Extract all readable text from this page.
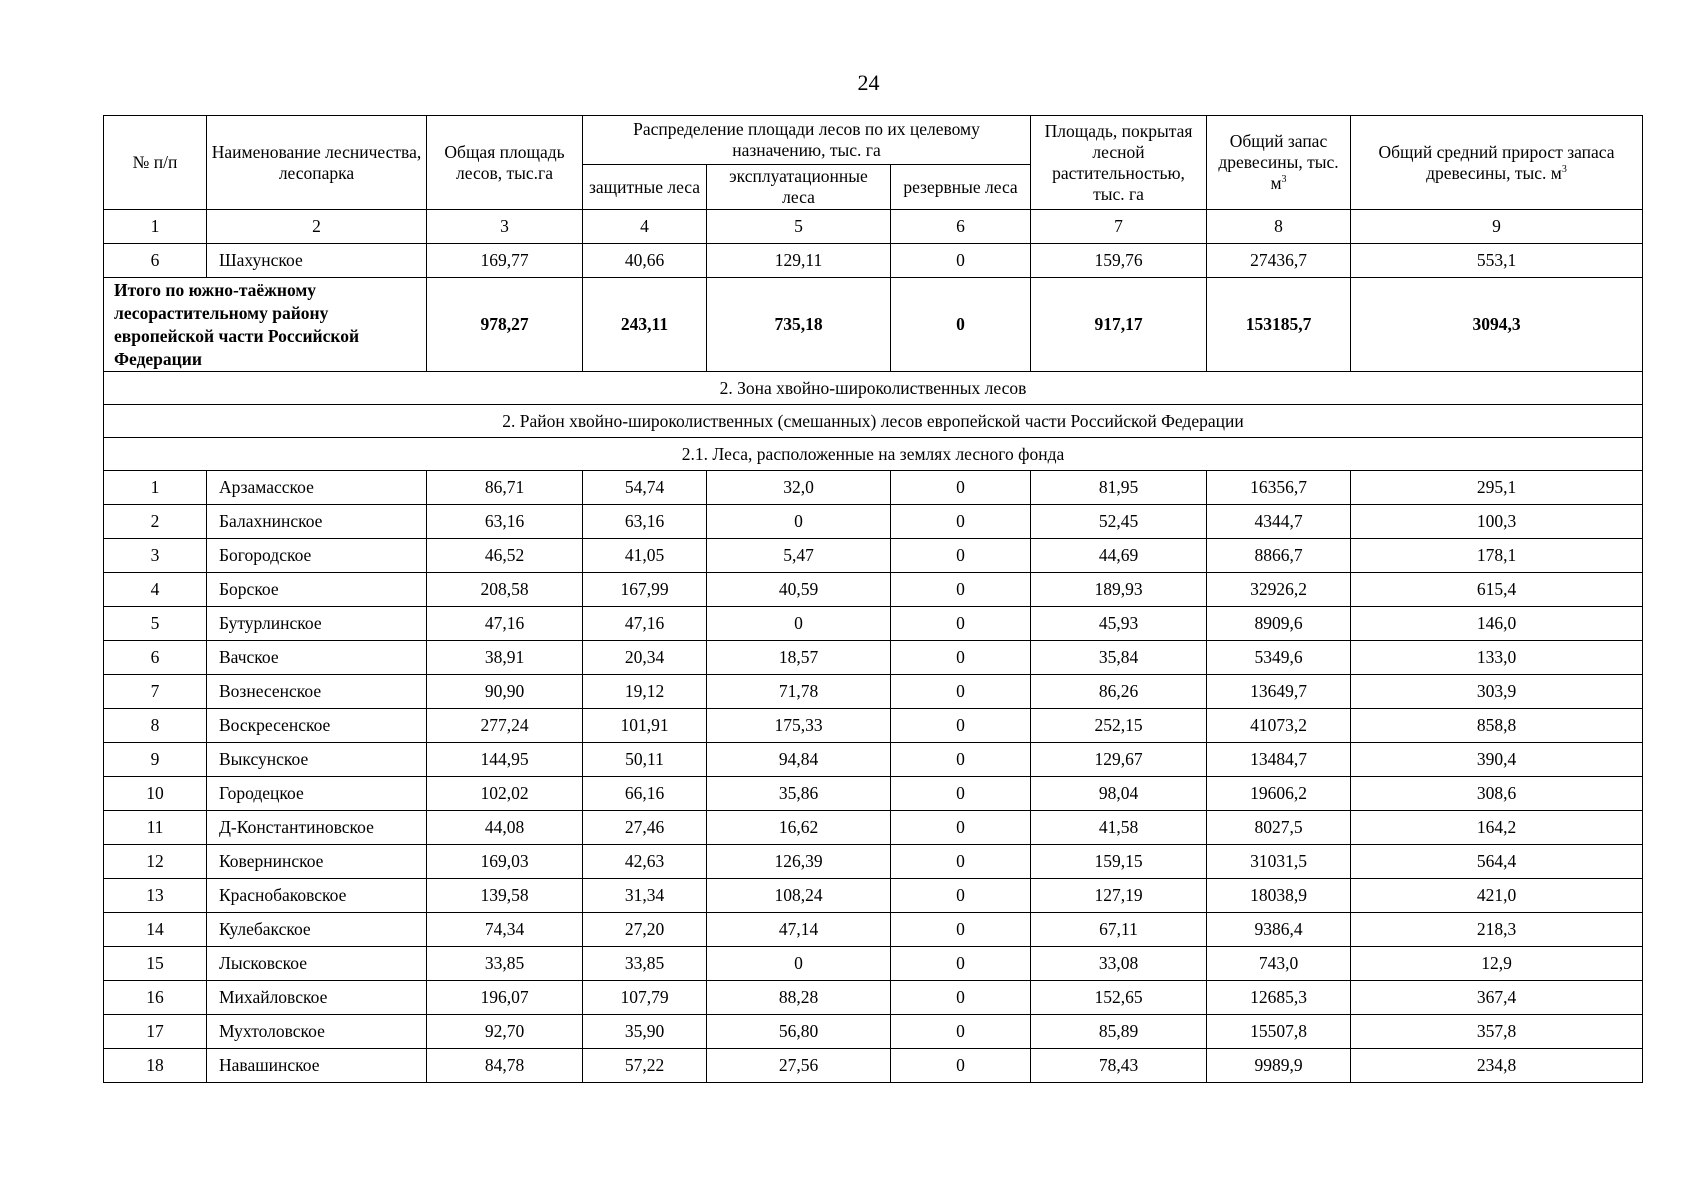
24
№ п/п	Наименование лесничества, лесопарка	Общая площадь лесов, тыс.га	Распределение площади лесов по их целевому назначению, тыс. га			Площадь, покрытая лесной растительностью, тыс. га	Общий запас древесины, тыс. $м^3$	Общий средний прирост запаса древесины, тыс. $м^3$
			защитные леса	эксплуатационные леса	резервные леса			
1	2	3	4	5	6	7	8	9
6	Шахунское	169,77	40,66	129,11	0	159,76	27436,7	553,1
Итого по южно-таёжному лесорастительному району европейской части Российской Федерации		978,27	243,11	735,18	0	917,17	153185,7	3094,3
2. Зона хвойно-широколиственных лесов								
2. Район хвойно-широколиственных (смешанных) лесов европейской части Российской Федерации								
2.1. Леса, расположенные на землях лесного фонда								
1	Арзамасское	86,71	54,74	32,0	0	81,95	16356,7	295,1
2	Балахнинское	63,16	63,16	0	0	52,45	4344,7	100,3
3	Богородское	46,52	41,05	5,47	0	44,69	8866,7	178,1
4	Борское	208,58	167,99	40,59	0	189,93	32926,2	615,4
5	Бутурлинское	47,16	47,16	0	0	45,93	8909,6	146,0
6	Вачское	38,91	20,34	18,57	0	35,84	5349,6	133,0
7	Вознесенское	90,90	19,12	71,78	0	86,26	13649,7	303,9
8	Воскресенское	277,24	101,91	175,33	0	252,15	41073,2	858,8
9	Выксунское	144,95	50,11	94,84	0	129,67	13484,7	390,4
10	Городецкое	102,02	66,16	35,86	0	98,04	19606,2	308,6
11	Д-Константиновское	44,08	27,46	16,62	0	41,58	8027,5	164,2
12	Ковернинское	169,03	42,63	126,39	0	159,15	31031,5	564,4
13	Краснобаковское	139,58	31,34	108,24	0	127,19	18038,9	421,0
14	Кулебакское	74,34	27,20	47,14	0	67,11	9386,4	218,3
15	Лысковское	33,85	33,85	0	0	33,08	743,0	12,9
16	Михайловское	196,07	107,79	88,28	0	152,65	12685,3	367,4
17	Мухтоловское	92,70	35,90	56,80	0	85,89	15507,8	357,8
18	Навашинское	84,78	57,22	27,56	0	78,43	9989,9	234,8
